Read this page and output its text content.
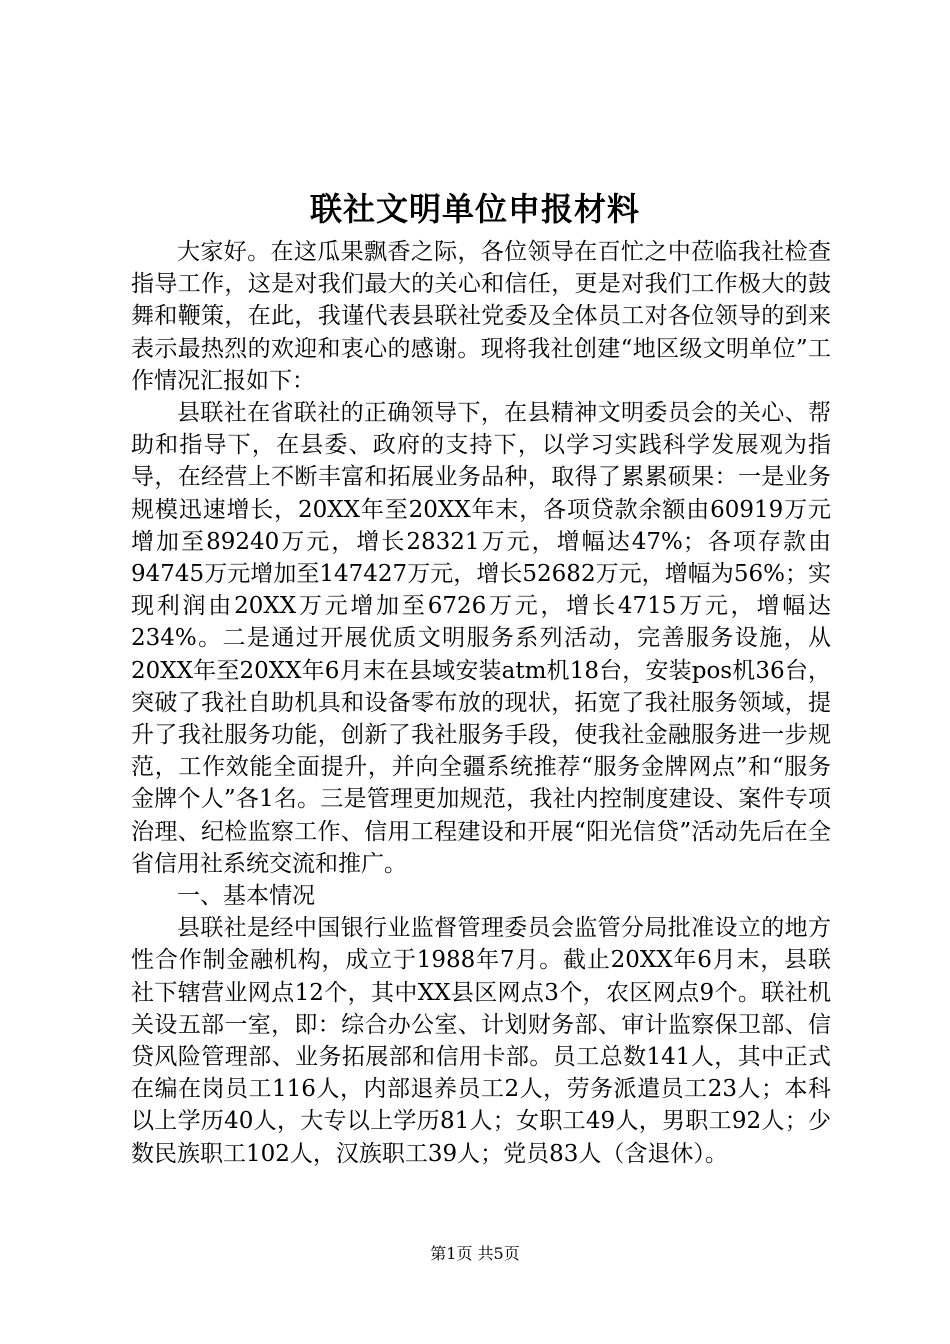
联社文明单位申报材料

大家好。在这瓜果飘香之际，各位领导在百忙之中莅临我社检查指导工作，这是对我们最大的关心和信任，更是对我们工作极大的鼓舞和鞭策，在此，我谨代表县联社党委及全体员工对各位领导的到来表示最热烈的欢迎和衷心的感谢。现将我社创建“地区级文明单位”工作情况汇报如下：

县联社在省联社的正确领导下，在县精神文明委员会的关心、帮助和指导下，在县委、政府的支持下，以学习实践科学发展观为指导，在经营上不断丰富和拓展业务品种，取得了累累硕果：一是业务规模迅速增长，20XX年至20XX年末，各项贷款余额由60919万元增加至89240万元，增长28321万元，增幅达47%；各项存款由94745万元增加至147427万元，增长52682万元，增幅为56%；实现利润由20XX万元增加至6726万元，增长4715万元，增幅达234%。二是通过开展优质文明服务系列活动，完善服务设施，从20XX年至20XX年6月末在县域安装atm机18台，安装pos机36台，突破了我社自助机具和设备零布放的现状，拓宽了我社服务领域，提升了我社服务功能，创新了我社服务手段，使我社金融服务进一步规范，工作效能全面提升，并向全疆系统推荐“服务金牌网点”和“服务金牌个人”各1名。三是管理更加规范，我社内控制度建设、案件专项治理、纪检监察工作、信用工程建设和开展“阳光信贷”活动先后在全省信用社系统交流和推广。

一、基本情况

县联社是经中国银行业监督管理委员会监管分局批准设立的地方性合作制金融机构，成立于1988年7月。截止20XX年6月末，县联社下辖营业网点12个，其中XX县区网点3个，农区网点9个。联社机关设五部一室，即：综合办公室、计划财务部、审计监察保卫部、信贷风险管理部、业务拓展部和信用卡部。员工总数141人，其中正式在编在岗员工116人，内部退养员工2人，劳务派遣员工23人；本科以上学历40人，大专以上学历81人；女职工49人，男职工92人；少数民族职工102人，汉族职工39人；党员83人（含退休）。

第1页 共5页
